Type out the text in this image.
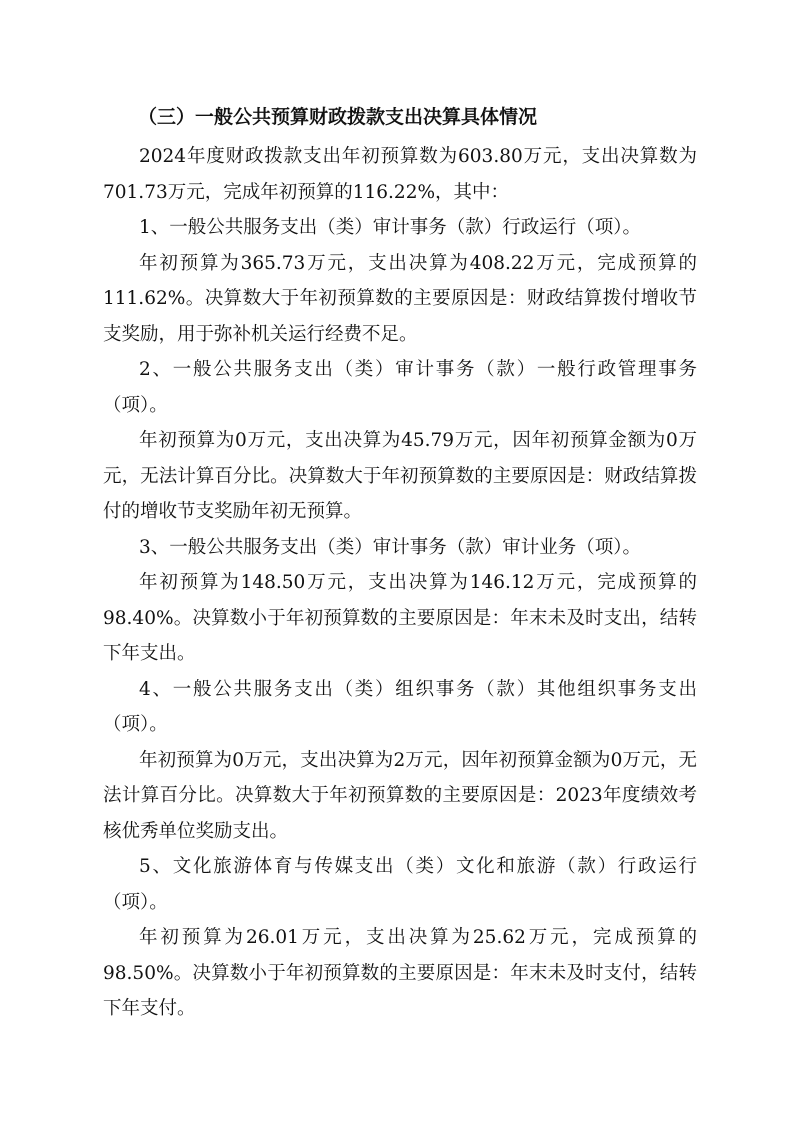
（三）一般公共预算财政拨款支出决算具体情况

2024年度财政拨款支出年初预算数为603.80万元，支出决算数为701.73万元，完成年初预算的116.22%，其中：

1、一般公共服务支出（类）审计事务（款）行政运行（项）。

年初预算为365.73万元，支出决算为408.22万元，完成预算的111.62%。决算数大于年初预算数的主要原因是：财政结算拨付增收节支奖励，用于弥补机关运行经费不足。

2、一般公共服务支出（类）审计事务（款）一般行政管理事务（项）。

年初预算为0万元，支出决算为45.79万元，因年初预算金额为0万元，无法计算百分比。决算数大于年初预算数的主要原因是：财政结算拨付的增收节支奖励年初无预算。

3、一般公共服务支出（类）审计事务（款）审计业务（项）。

年初预算为148.50万元，支出决算为146.12万元，完成预算的98.40%。决算数小于年初预算数的主要原因是：年末未及时支出，结转下年支出。

4、一般公共服务支出（类）组织事务（款）其他组织事务支出（项）。

年初预算为0万元，支出决算为2万元，因年初预算金额为0万元，无法计算百分比。决算数大于年初预算数的主要原因是：2023年度绩效考核优秀单位奖励支出。

5、文化旅游体育与传媒支出（类）文化和旅游（款）行政运行（项）。

年初预算为26.01万元，支出决算为25.62万元，完成预算的98.50%。决算数小于年初预算数的主要原因是：年末未及时支付，结转下年支付。
